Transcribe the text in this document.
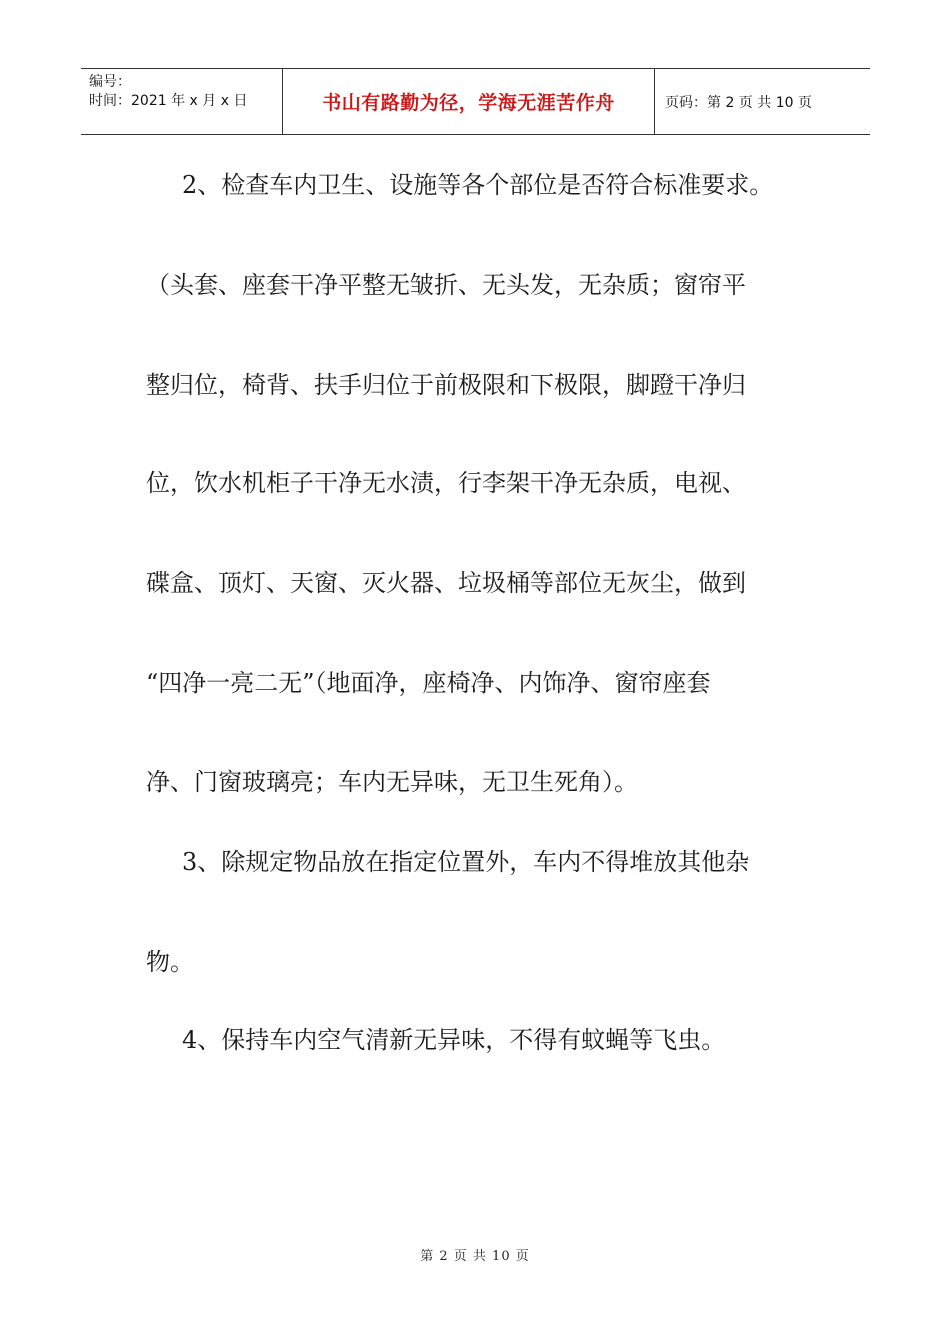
编号：
时间：2021 年 x 月 x 日	书山有路勤为径，学海无涯苦作舟	页码：第 2 页 共 10 页
2、检查车内卫生、设施等各个部位是否符合标准要求。
（头套、座套干净平整无皱折、无头发，无杂质；窗帘平
整归位，椅背、扶手归位于前极限和下极限，脚蹬干净归
位，饮水机柜子干净无水渍，行李架干净无杂质，电视、
碟盒、顶灯、天窗、灭火器、垃圾桶等部位无灰尘，做到
“四净一亮二无”（地面净，座椅净、内饰净、窗帘座套
净、门窗玻璃亮；车内无异味，无卫生死角）。
3、除规定物品放在指定位置外，车内不得堆放其他杂
物。
4、保持车内空气清新无异味，不得有蚊蝇等飞虫。
第 2 页 共 10 页
